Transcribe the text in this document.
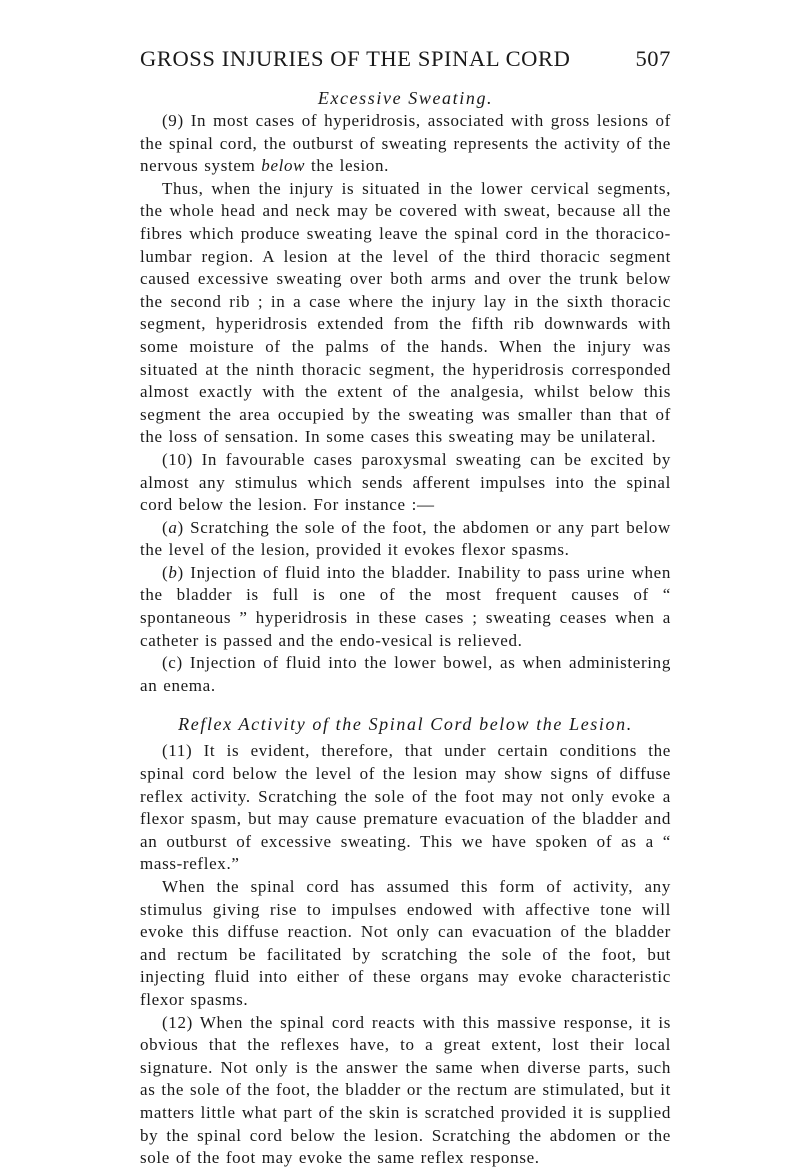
GROSS INJURIES OF THE SPINAL CORD	507
Excessive Sweating.

(9) In most cases of hyperidrosis, associated with gross lesions of the spinal cord, the outburst of sweating represents the activity of the nervous system below the lesion.

Thus, when the injury is situated in the lower cervical segments, the whole head and neck may be covered with sweat, because all the fibres which produce sweating leave the spinal cord in the thoracico-lumbar region. A lesion at the level of the third thoracic segment caused excessive sweating over both arms and over the trunk below the second rib ; in a case where the injury lay in the sixth thoracic segment, hyperidrosis extended from the fifth rib downwards with some moisture of the palms of the hands. When the injury was situated at the ninth thoracic segment, the hyperidrosis corresponded almost exactly with the extent of the analgesia, whilst below this segment the area occupied by the sweating was smaller than that of the loss of sensation. In some cases this sweating may be unilateral.

(10) In favourable cases paroxysmal sweating can be excited by almost any stimulus which sends afferent impulses into the spinal cord below the lesion. For instance :—

(a) Scratching the sole of the foot, the abdomen or any part below the level of the lesion, provided it evokes flexor spasms.

(b) Injection of fluid into the bladder. Inability to pass urine when the bladder is full is one of the most frequent causes of “ spontaneous ” hyperidrosis in these cases ; sweating ceases when a catheter is passed and the endo-vesical is relieved.

(c) Injection of fluid into the lower bowel, as when administering an enema.

Reflex Activity of the Spinal Cord below the Lesion.

(11) It is evident, therefore, that under certain conditions the spinal cord below the level of the lesion may show signs of diffuse reflex activity. Scratching the sole of the foot may not only evoke a flexor spasm, but may cause premature evacuation of the bladder and an outburst of excessive sweating. This we have spoken of as a “ mass-reflex.”

When the spinal cord has assumed this form of activity, any stimulus giving rise to impulses endowed with affective tone will evoke this diffuse reaction. Not only can evacuation of the bladder and rectum be facilitated by scratching the sole of the foot, but injecting fluid into either of these organs may evoke characteristic flexor spasms.

(12) When the spinal cord reacts with this massive response, it is obvious that the reflexes have, to a great extent, lost their local signature. Not only is the answer the same when diverse parts, such as the sole of the foot, the bladder or the rectum are stimulated, but it matters little what part of the skin is scratched provided it is supplied by the spinal cord below the lesion. Scratching the abdomen or the sole of the foot may evoke the same reflex response.
